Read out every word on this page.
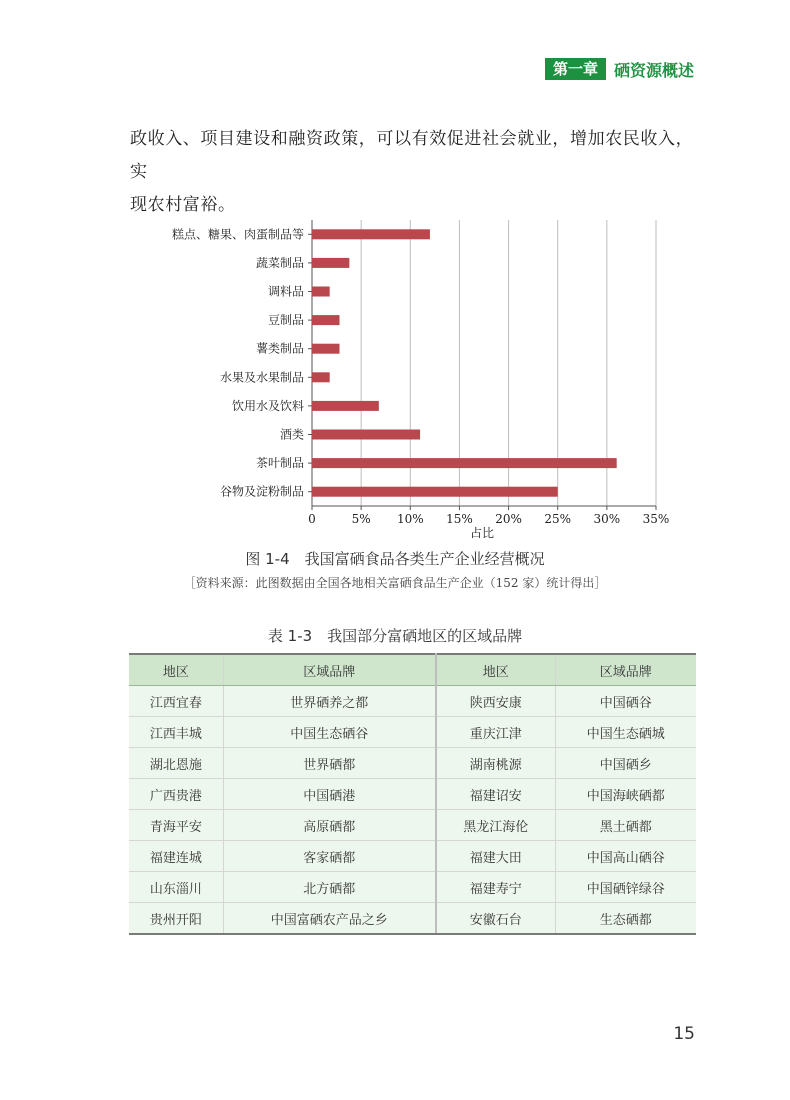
第一章	硒资源概述

政收入、项目建设和融资政策，可以有效促进社会就业，增加农民收入，实

现农村富裕。

糕点、糖果、肉蛋制品等
蔬菜制品
调料品
豆制品
薯类制品
水果及水果制品
饮用水及饮料
酒类
茶叶制品
谷物及淀粉制品
0	5% 10% 15% 20% 25% 30% 35%
占比
图 1-4　我国富硒食品各类生产企业经营概况
［资料来源：此图数据由全国各地相关富硒食品生产企业（152 家）统计得出］
表 1-3　我国部分富硒地区的区域品牌
地区	区域品牌	地区	区域品牌
江西宜春	世界硒养之都	陕西安康	中国硒谷
江西丰城	中国生态硒谷	重庆江津	中国生态硒城
湖北恩施	世界硒都	湖南桃源	中国硒乡
广西贵港	中国硒港	福建诏安	中国海峡硒都
青海平安	高原硒都	黑龙江海伦	黑土硒都
福建连城	客家硒都	福建大田	中国高山硒谷
山东淄川	北方硒都	福建寿宁	中国硒锌绿谷
贵州开阳	中国富硒农产品之乡	安徽石台	生态硒都
15
